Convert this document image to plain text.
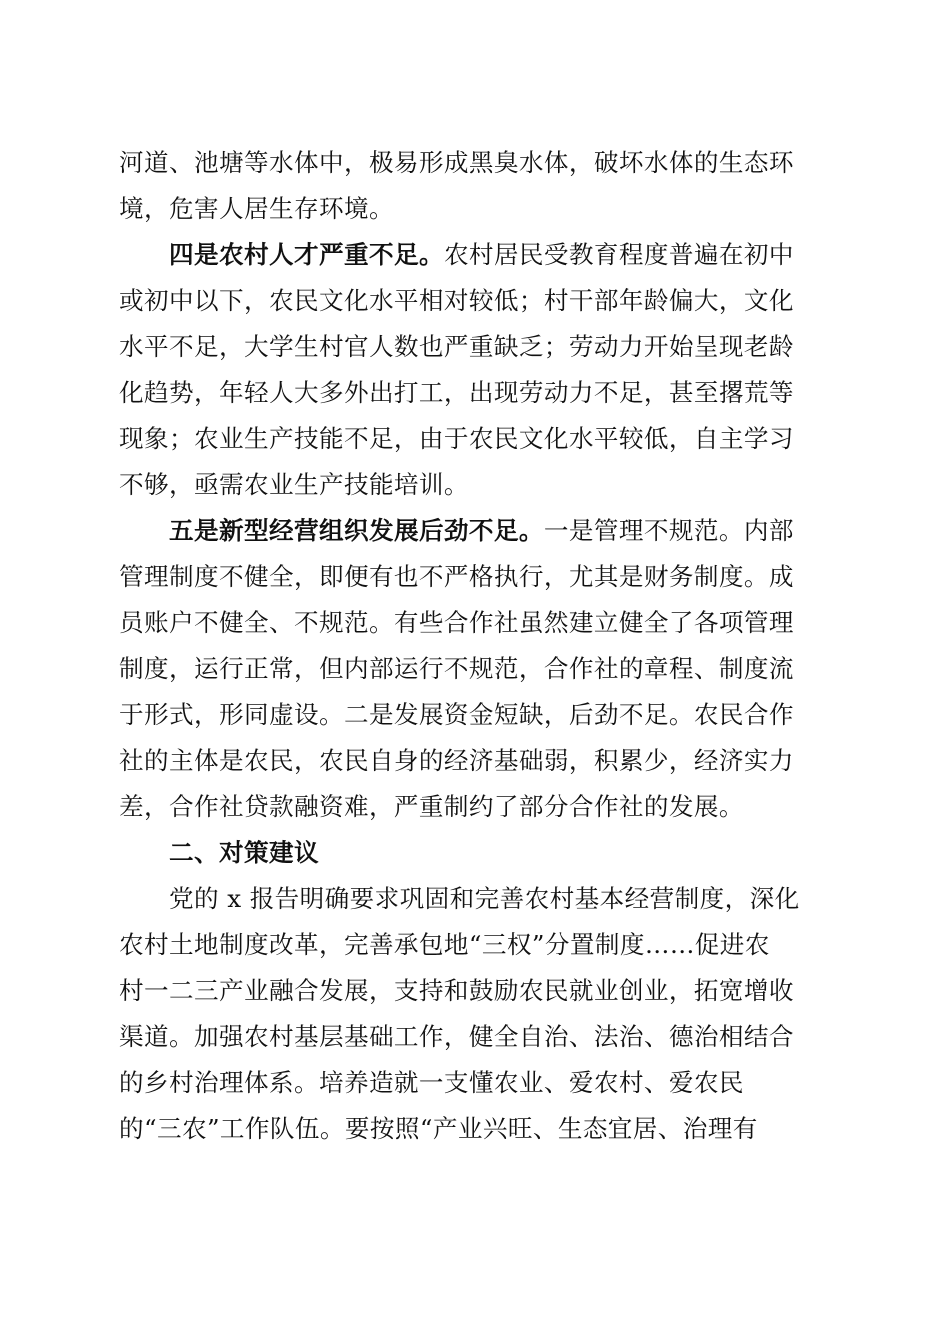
河道、池塘等水体中，极易形成黑臭水体，破坏水体的生态环
境，危害人居生存环境。
四是农村人才严重不足。农村居民受教育程度普遍在初中
或初中以下，农民文化水平相对较低；村干部年龄偏大，文化
水平不足，大学生村官人数也严重缺乏；劳动力开始呈现老龄
化趋势，年轻人大多外出打工，出现劳动力不足，甚至撂荒等
现象；农业生产技能不足，由于农民文化水平较低，自主学习
不够，亟需农业生产技能培训。
五是新型经营组织发展后劲不足。一是管理不规范。内部
管理制度不健全，即便有也不严格执行，尤其是财务制度。成
员账户不健全、不规范。有些合作社虽然建立健全了各项管理
制度，运行正常，但内部运行不规范，合作社的章程、制度流
于形式，形同虚设。二是发展资金短缺，后劲不足。农民合作
社的主体是农民，农民自身的经济基础弱，积累少，经济实力
差，合作社贷款融资难，严重制约了部分合作社的发展。
二、对策建议
党的 x 报告明确要求巩固和完善农村基本经营制度，深化
农村土地制度改革，完善承包地“三权”分置制度……促进农
村一二三产业融合发展，支持和鼓励农民就业创业，拓宽增收
渠道。加强农村基层基础工作，健全自治、法治、德治相结合
的乡村治理体系。培养造就一支懂农业、爱农村、爱农民
的“三农”工作队伍。要按照“产业兴旺、生态宜居、治理有
